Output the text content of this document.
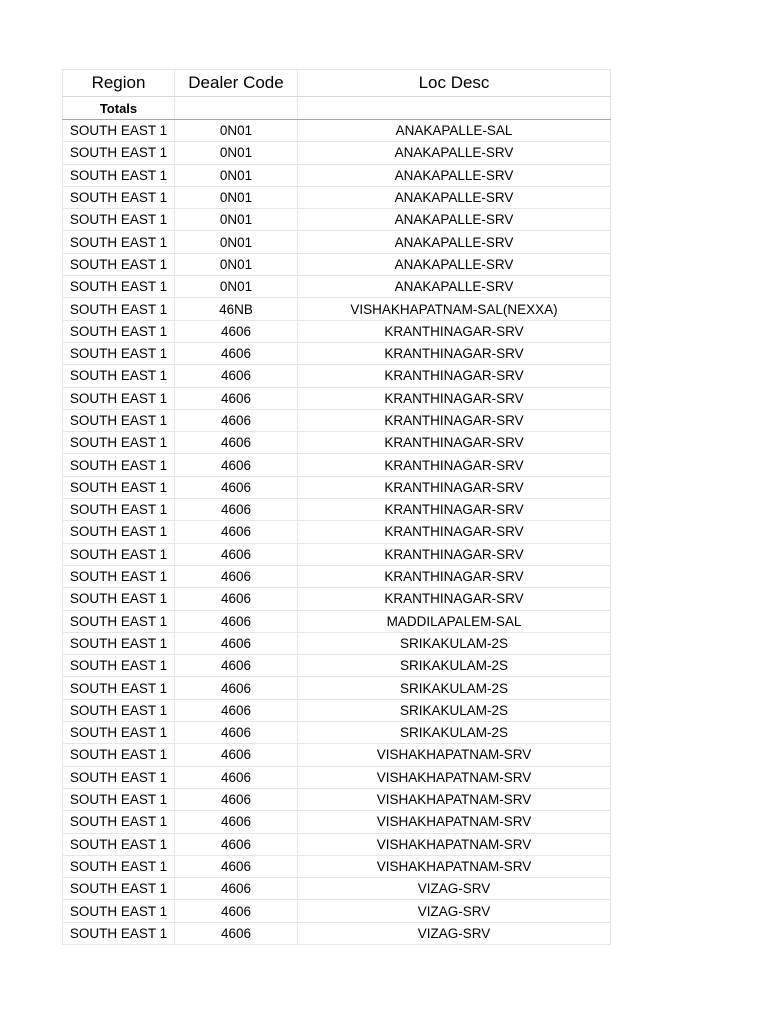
Region	Dealer Code	Loc Desc
Totals		
SOUTH EAST 1	0N01	ANAKAPALLE-SAL
SOUTH EAST 1	0N01	ANAKAPALLE-SRV
SOUTH EAST 1	0N01	ANAKAPALLE-SRV
SOUTH EAST 1	0N01	ANAKAPALLE-SRV
SOUTH EAST 1	0N01	ANAKAPALLE-SRV
SOUTH EAST 1	0N01	ANAKAPALLE-SRV
SOUTH EAST 1	0N01	ANAKAPALLE-SRV
SOUTH EAST 1	0N01	ANAKAPALLE-SRV
SOUTH EAST 1	46NB	VISHAKHAPATNAM-SAL(NEXXA)
SOUTH EAST 1	4606	KRANTHINAGAR-SRV
SOUTH EAST 1	4606	KRANTHINAGAR-SRV
SOUTH EAST 1	4606	KRANTHINAGAR-SRV
SOUTH EAST 1	4606	KRANTHINAGAR-SRV
SOUTH EAST 1	4606	KRANTHINAGAR-SRV
SOUTH EAST 1	4606	KRANTHINAGAR-SRV
SOUTH EAST 1	4606	KRANTHINAGAR-SRV
SOUTH EAST 1	4606	KRANTHINAGAR-SRV
SOUTH EAST 1	4606	KRANTHINAGAR-SRV
SOUTH EAST 1	4606	KRANTHINAGAR-SRV
SOUTH EAST 1	4606	KRANTHINAGAR-SRV
SOUTH EAST 1	4606	KRANTHINAGAR-SRV
SOUTH EAST 1	4606	KRANTHINAGAR-SRV
SOUTH EAST 1	4606	MADDILAPALEM-SAL
SOUTH EAST 1	4606	SRIKAKULAM-2S
SOUTH EAST 1	4606	SRIKAKULAM-2S
SOUTH EAST 1	4606	SRIKAKULAM-2S
SOUTH EAST 1	4606	SRIKAKULAM-2S
SOUTH EAST 1	4606	SRIKAKULAM-2S
SOUTH EAST 1	4606	VISHAKHAPATNAM-SRV
SOUTH EAST 1	4606	VISHAKHAPATNAM-SRV
SOUTH EAST 1	4606	VISHAKHAPATNAM-SRV
SOUTH EAST 1	4606	VISHAKHAPATNAM-SRV
SOUTH EAST 1	4606	VISHAKHAPATNAM-SRV
SOUTH EAST 1	4606	VISHAKHAPATNAM-SRV
SOUTH EAST 1	4606	VIZAG-SRV
SOUTH EAST 1	4606	VIZAG-SRV
SOUTH EAST 1	4606	VIZAG-SRV
